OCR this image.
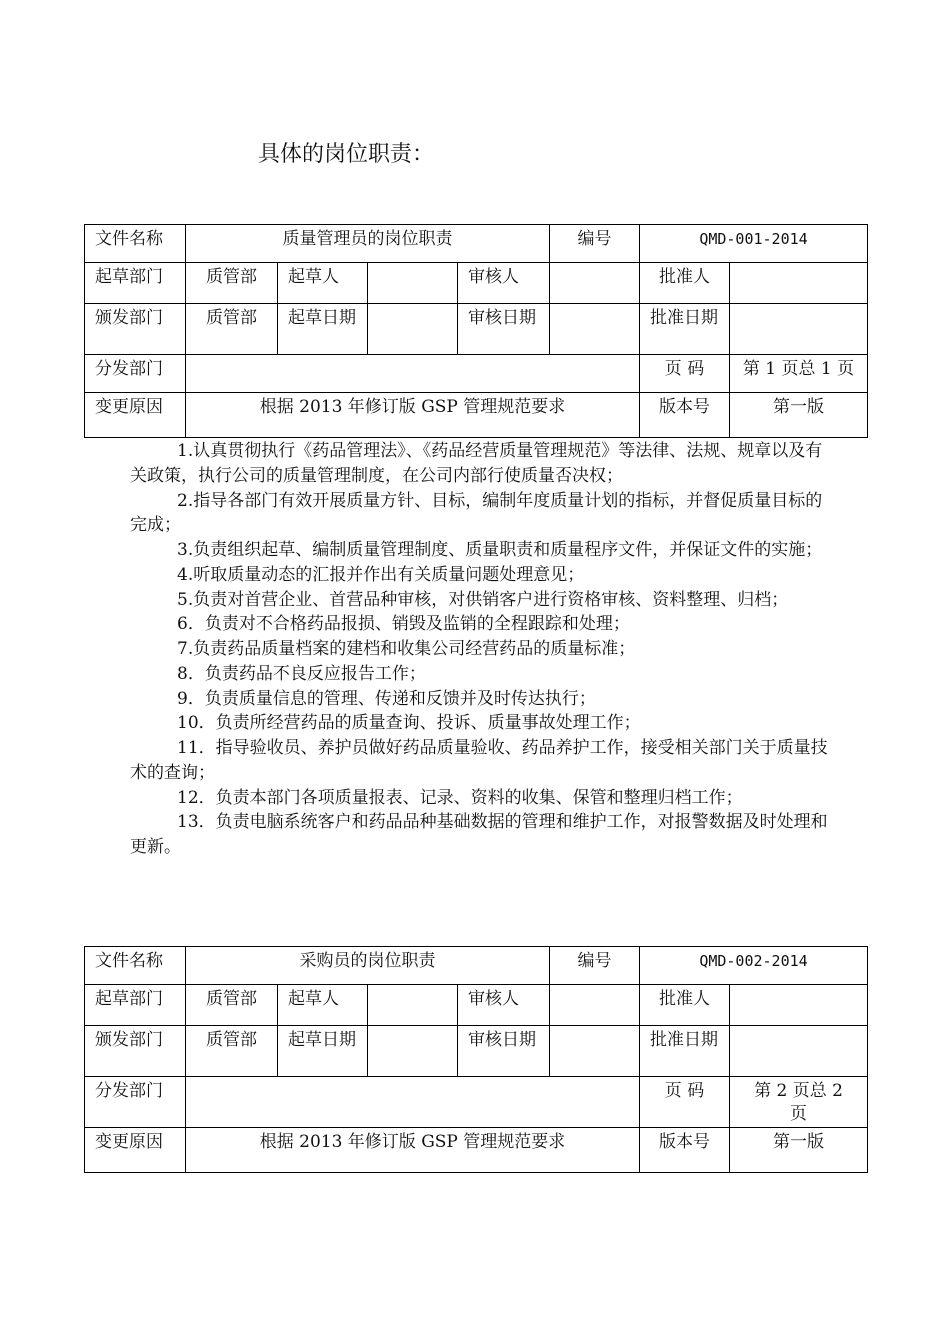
具体的岗位职责：
文件名称	质量管理员的岗位职责				编号	QMD-001-2014	
起草部门	质管部	起草人		审核人		批准人	
颁发部门	质管部	起草日期		审核日期		批准日期	
分发部门						页 码	第 1 页总 1 页
变更原因	根据 2013 年修订版 GSP 管理规范要求					版本号	第一版

1.认真贯彻执行《药品管理法》、《药品经营质量管理规范》等法律、法规、规章以及有关政策，执行公司的质量管理制度，在公司内部行使质量否决权；

2.指导各部门有效开展质量方针、目标，编制年度质量计划的指标，并督促质量目标的完成；

3.负责组织起草、编制质量管理制度、质量职责和质量程序文件，并保证文件的实施；

4.听取质量动态的汇报并作出有关质量问题处理意见；

5.负责对首营企业、首营品种审核，对供销客户进行资格审核、资料整理、归档；

6．负责对不合格药品报损、销毁及监销的全程跟踪和处理；

7.负责药品质量档案的建档和收集公司经营药品的质量标准；

8．负责药品不良反应报告工作；

9．负责质量信息的管理、传递和反馈并及时传达执行；

10．负责所经营药品的质量查询、投诉、质量事故处理工作；

11．指导验收员、养护员做好药品质量验收、药品养护工作，接受相关部门关于质量技术的查询；

12．负责本部门各项质量报表、记录、资料的收集、保管和整理归档工作；

13．负责电脑系统客户和药品品种基础数据的管理和维护工作，对报警数据及时处理和更新。

文件名称	采购员的岗位职责				编号	QMD-002-2014	
起草部门	质管部	起草人		审核人		批准人	
颁发部门	质管部	起草日期		审核日期		批准日期	
分发部门						页 码	第 2 页总 2 页
变更原因	根据 2013 年修订版 GSP 管理规范要求					版本号	第一版
